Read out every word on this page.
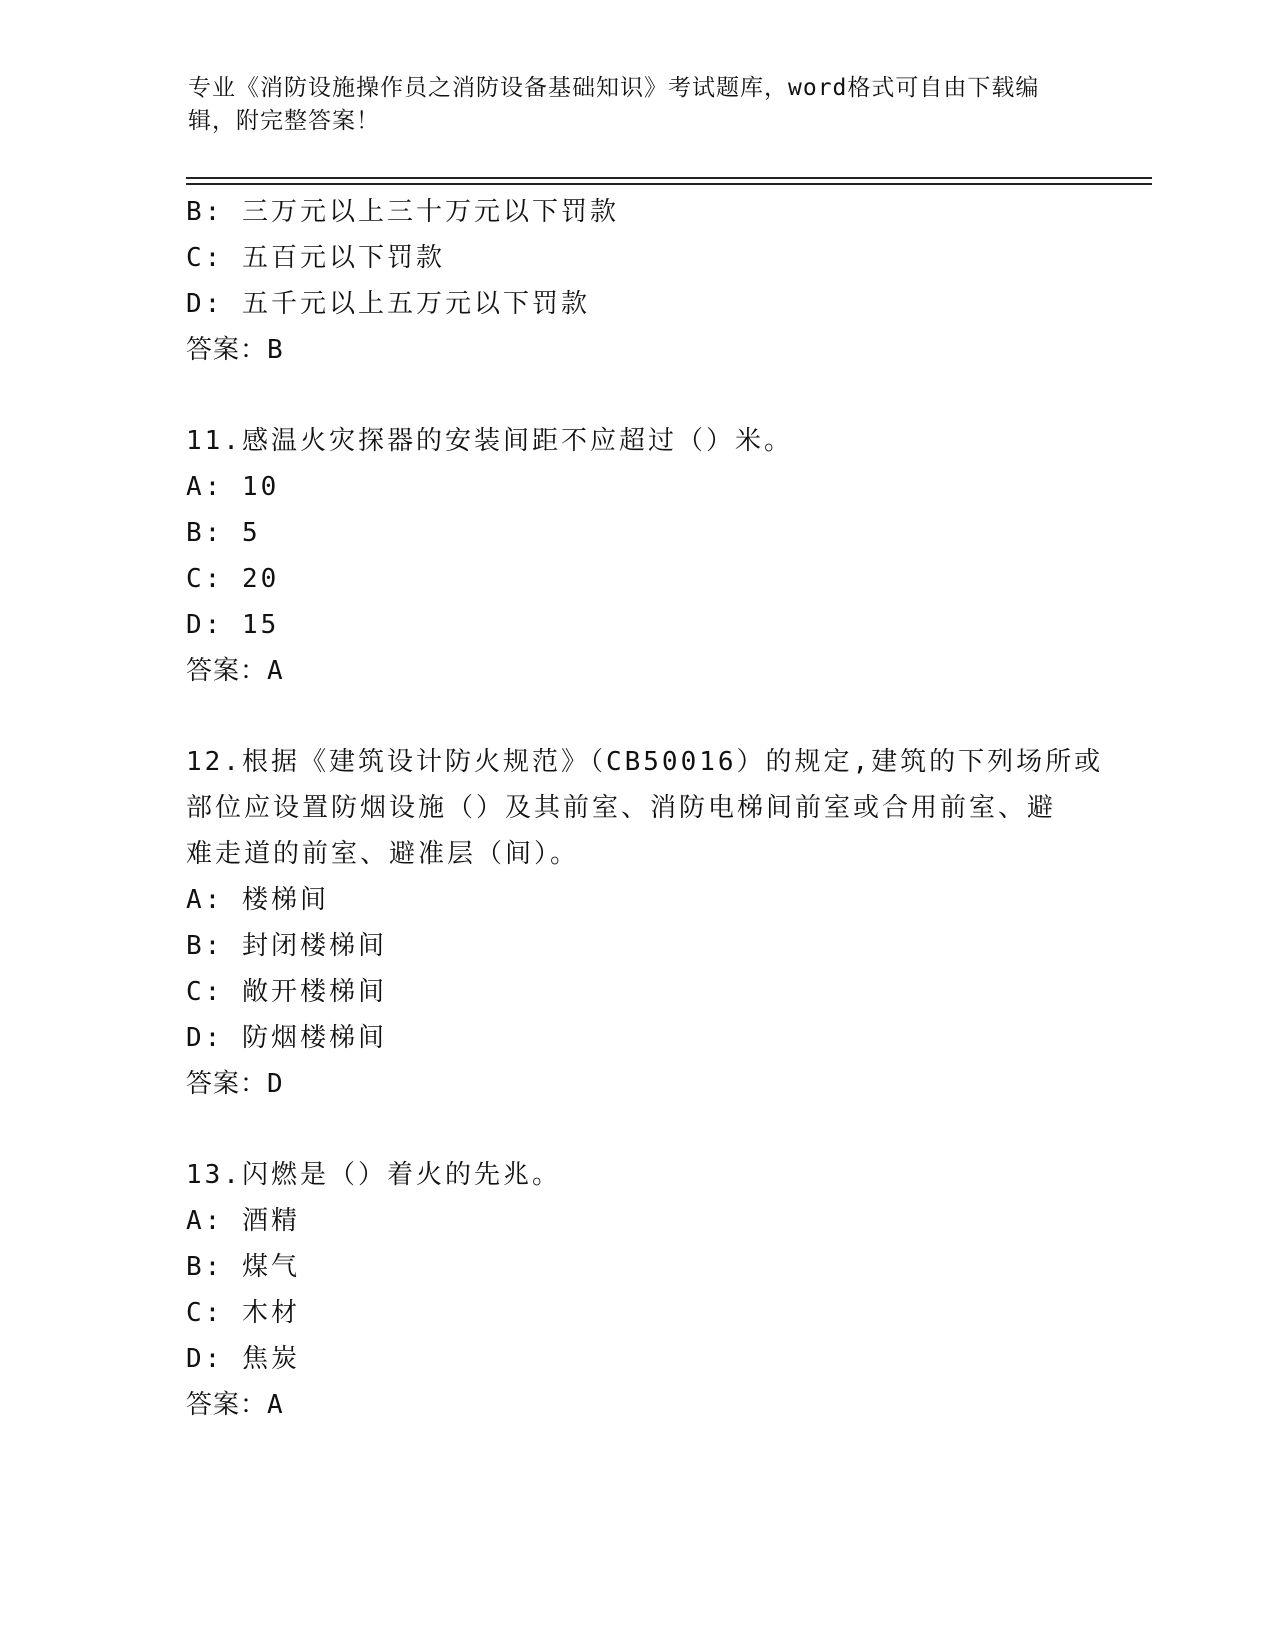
专业《消防设施操作员之消防设备基础知识》考试题库，word格式可自由下载编
辑，附完整答案！
B: 三万元以上三十万元以下罚款
C: 五百元以下罚款
D: 五千元以上五万元以下罚款
答案：B
11.感温火灾探器的安装间距不应超过（）米。
A: 10
B: 5
C: 20
D: 15
答案：A
12.根据《建筑设计防火规范》（CB50016）的规定,建筑的下列场所或
部位应设置防烟设施（）及其前室、消防电梯间前室或合用前室、避
难走道的前室、避准层（间）。
A: 楼梯间
B: 封闭楼梯间
C: 敞开楼梯间
D: 防烟楼梯间
答案：D
13.闪燃是（）着火的先兆。
A: 酒精
B: 煤气
C: 木材
D: 焦炭
答案：A
